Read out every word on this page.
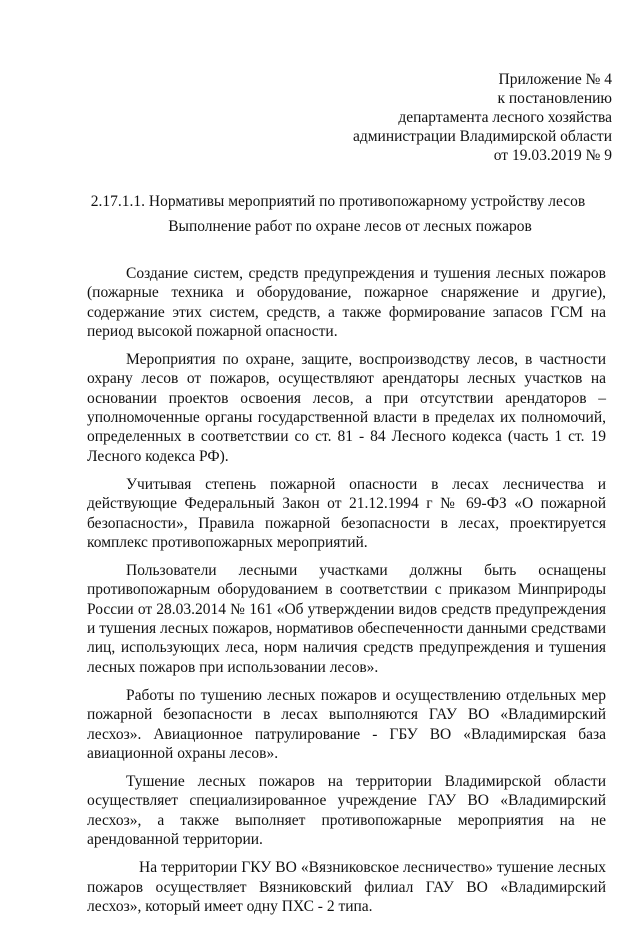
Приложение № 4
к постановлению
департамента лесного хозяйства
администрации Владимирской области
от 19.03.2019 № 9
2.17.1.1. Нормативы мероприятий по противопожарному устройству лесов
Выполнение работ по охране лесов от лесных пожаров

Создание систем, средств предупреждения и тушения лесных пожаров (пожарные техника и оборудование, пожарное снаряжение и другие), содержание этих систем, средств, а также формирование запасов ГСМ на период высокой пожарной опасности.

Мероприятия по охране, защите, воспроизводству лесов, в частности охрану лесов от пожаров, осуществляют арендаторы лесных участков на основании проектов освоения лесов, а при отсутствии арендаторов – уполномоченные органы государственной власти в пределах их полномочий, определенных в соответствии со ст. 81 - 84 Лесного кодекса (часть 1 ст. 19 Лесного кодекса РФ).

Учитывая степень пожарной опасности в лесах лесничества и действующие Федеральный Закон от 21.12.1994 г № 69-ФЗ «О пожарной безопасности», Правила пожарной безопасности в лесах, проектируется комплекс противопожарных мероприятий.

Пользователи лесными участками должны быть оснащены противопожарным оборудованием в соответствии с приказом Минприроды России от 28.03.2014 № 161 «Об утверждении видов средств предупреждения и тушения лесных пожаров, нормативов обеспеченности данными средствами лиц, использующих леса, норм наличия средств предупреждения и тушения лесных пожаров при использовании лесов».

Работы по тушению лесных пожаров и осуществлению отдельных мер пожарной безопасности в лесах выполняются ГАУ ВО «Владимирский лесхоз». Авиационное патрулирование - ГБУ ВО «Владимирская база авиационной охраны лесов».

Тушение лесных пожаров на территории Владимирской области осуществляет специализированное учреждение ГАУ ВО «Владимирский лесхоз», а также выполняет противопожарные мероприятия на не арендованной территории.

На территории ГКУ ВО «Вязниковское лесничество» тушение лесных пожаров осуществляет Вязниковский филиал ГАУ ВО «Владимирский лесхоз», который имеет одну ПХС - 2 типа.
